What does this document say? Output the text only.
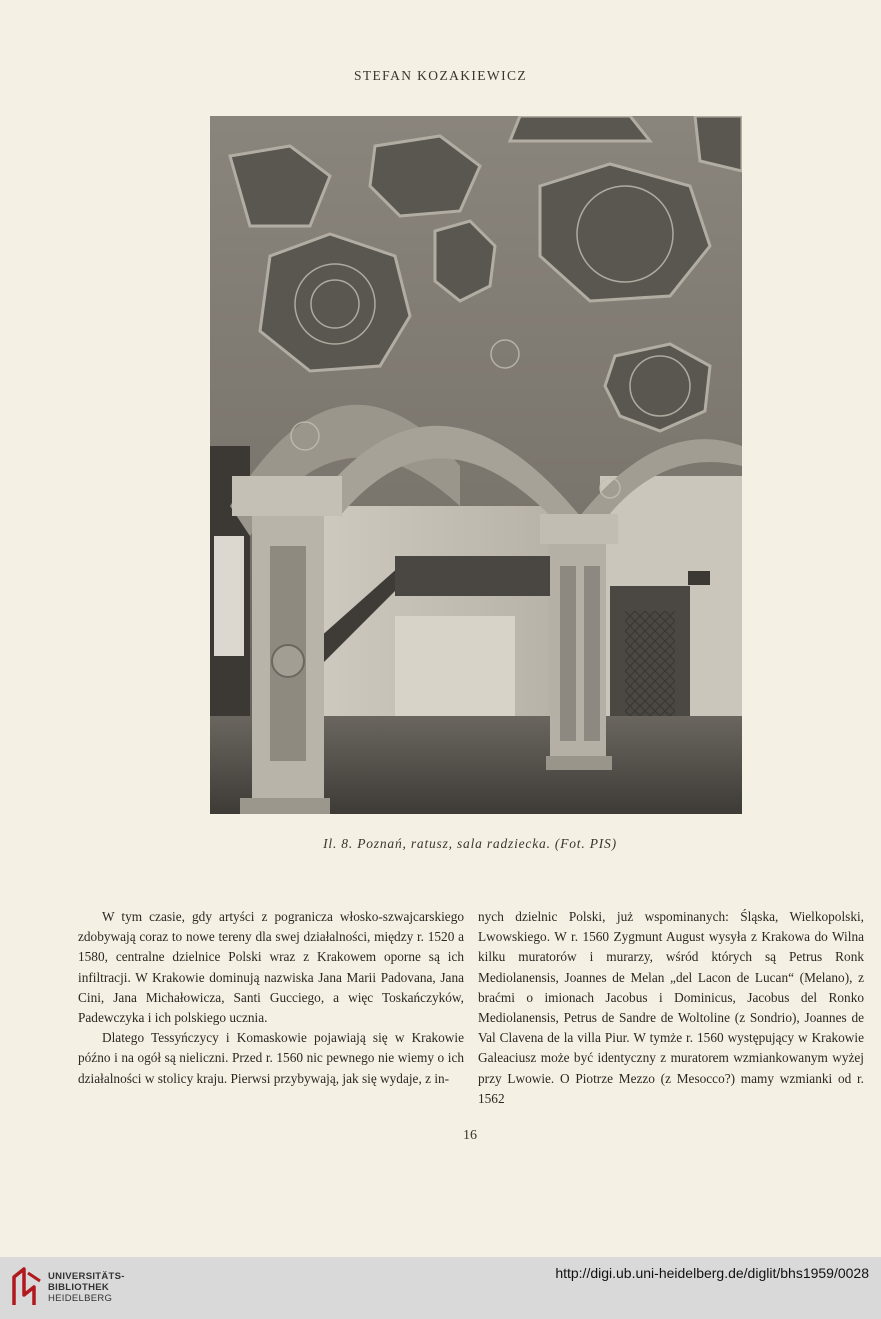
STEFAN KOZAKIEWICZ
Il. 8. Poznań, ratusz, sala radziecka. (Fot. PIS)

W tym czasie, gdy artyści z pogranicza włosko-szwajcarskiego zdobywają coraz to nowe tereny dla swej działalności, między r. 1520 a 1580, centralne dzielnice Polski wraz z Krakowem oporne są ich infiltracji. W Krakowie dominują nazwiska Jana Marii Padovana, Jana Cini, Jana Michałowicza, Santi Gucciego, a więc Toskańczyków, Padewczyka i ich polskiego ucznia.

Dlatego Tessyńczycy i Komaskowie pojawiają się w Krakowie późno i na ogół są nieliczni. Przed r. 1560 nic pewnego nie wiemy o ich działalności w stolicy kraju. Pierwsi przybywają, jak się wydaje, z in-

nych dzielnic Polski, już wspominanych: Śląska, Wielkopolski, Lwowskiego. W r. 1560 Zygmunt August wysyła z Krakowa do Wilna kilku muratorów i murarzy, wśród których są Petrus Ronk Mediolanensis, Joannes de Melan „del Lacon de Lucan“ (Melano), z braćmi o imionach Jacobus i Dominicus, Jacobus del Ronko Mediolanensis, Petrus de Sandre de Woltoline (z Sondrio), Joannes de Val Clavena de la villa Piur. W tymże r. 1560 występujący w Krakowie Galeaciusz może być identyczny z muratorem wzmiankowanym wyżej przy Lwowie. O Piotrze Mezzo (z Mesocco?) mamy wzmianki od r. 1562

16
UNIVERSITÄTS-
BIBLIOTHEK
HEIDELBERG
http://digi.ub.uni-heidelberg.de/diglit/bhs1959/0028
